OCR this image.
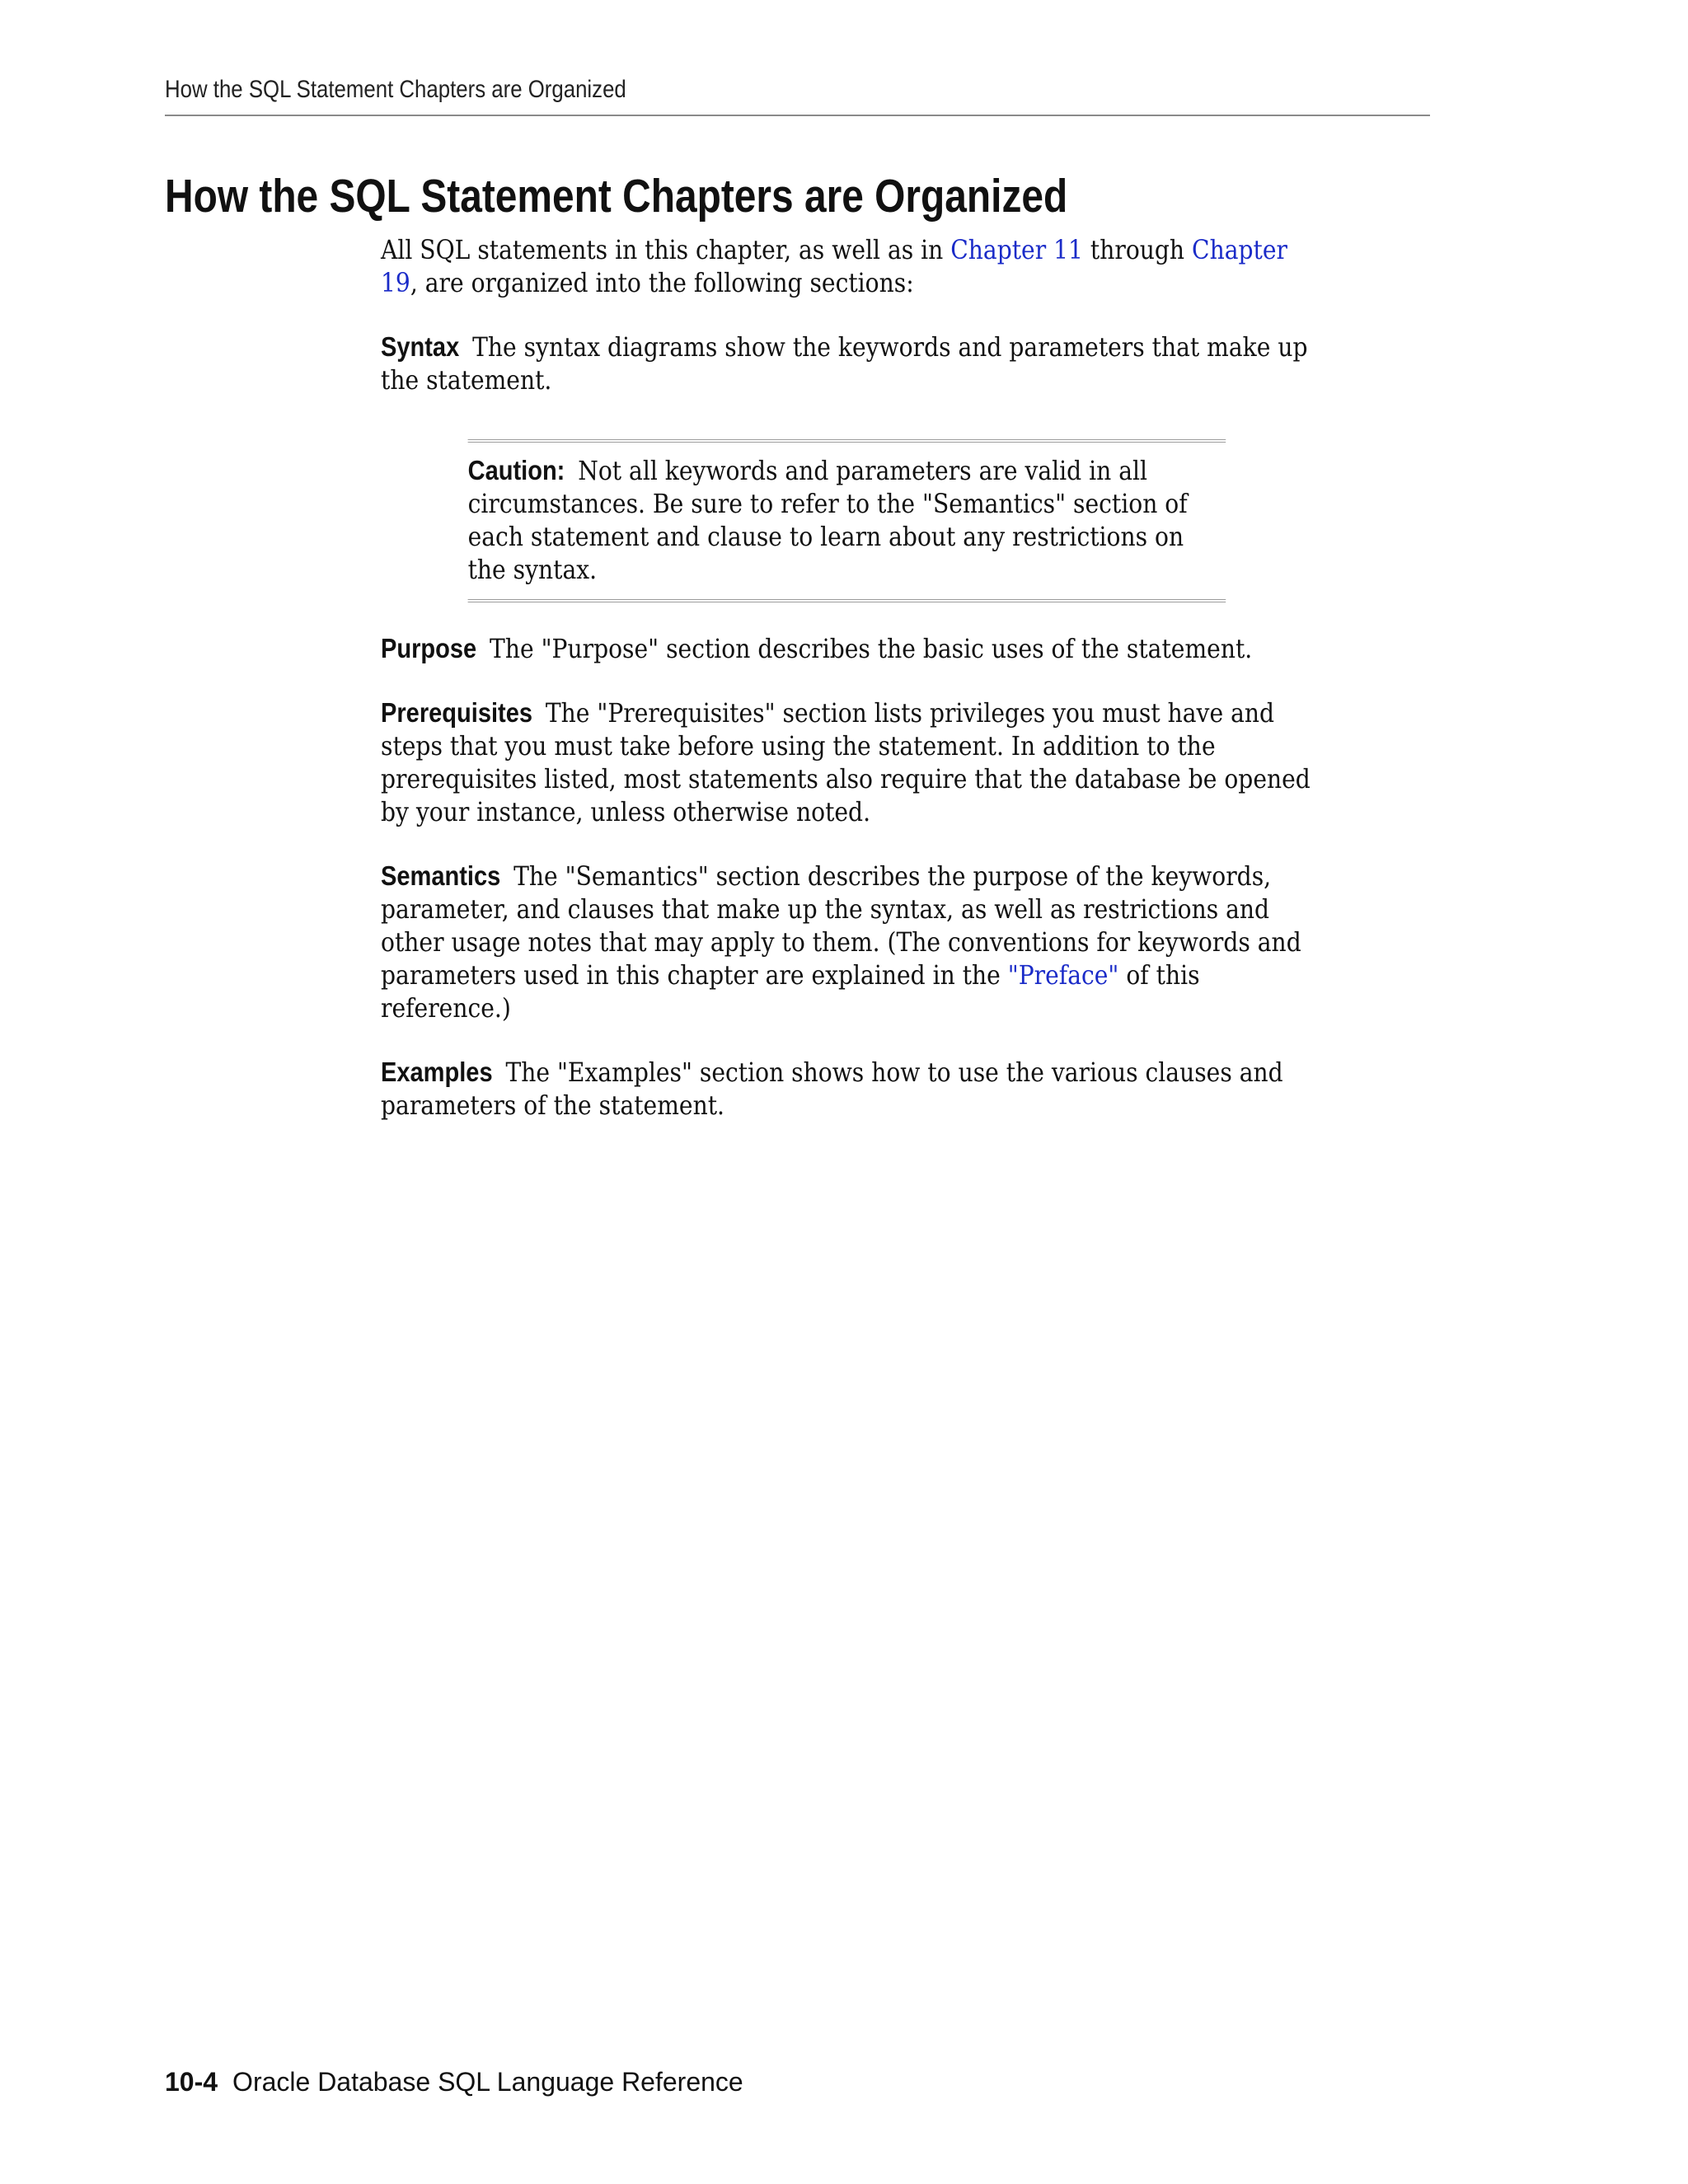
How the SQL Statement Chapters are Organized
How the SQL Statement Chapters are Organized

All SQL statements in this chapter, as well as in Chapter 11 through Chapter 19, are organized into the following sections:

Syntax The syntax diagrams show the keywords and parameters that make up the statement.

Caution: Not all keywords and parameters are valid in all circumstances. Be sure to refer to the "Semantics" section of each statement and clause to learn about any restrictions on the syntax.

Purpose The "Purpose" section describes the basic uses of the statement.

Prerequisites The "Prerequisites" section lists privileges you must have and steps that you must take before using the statement. In addition to the prerequisites listed, most statements also require that the database be opened by your instance, unless otherwise noted.

Semantics The "Semantics" section describes the purpose of the keywords, parameter, and clauses that make up the syntax, as well as restrictions and other usage notes that may apply to them. (The conventions for keywords and parameters used in this chapter are explained in the "Preface" of this reference.)

Examples The "Examples" section shows how to use the various clauses and parameters of the statement.

10-4 Oracle Database SQL Language Reference
